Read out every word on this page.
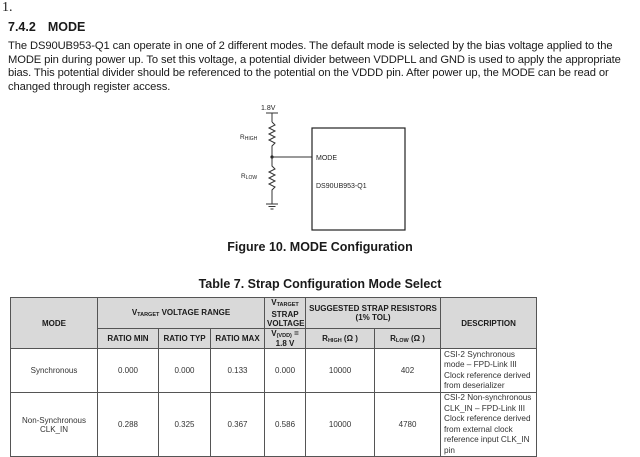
1.
7.4.2 MODE
The DS90UB953-Q1 can operate in one of 2 different modes. The default mode is selected by the bias voltage applied to the MODE pin during power up. To set this voltage, a potential divider between VDDPLL and GND is used to apply the appropriate bias. This potential divider should be referenced to the potential on the VDDD pin. After power up, the MODE can be read or changed through register access.
1.8V
RHIGH
RLOW
MODE
DS90UB953-Q1
Figure 10. MODE Configuration
Table 7. Strap Configuration Mode Select
MODE	$V_{TARGET}$ VOLTAGE RANGE			$V_{TARGET}$ STRAP VOLTAGE	SUGGESTED STRAP RESISTORS (1% TOL)		DESCRIPTION
	RATIO MIN	RATIO TYP	RATIO MAX	$V_{(VDD)} = 1.8$ V	$R_{HIGH}$ (Ω )	$R_{LOW}$ (Ω )	
Synchronous	0.000	0.000	0.133	0.000	10000	402	CSI-2 Synchronous mode – FPD-Link III Clock reference derived from deserializer
Non-Synchronous CLK_IN	0.288	0.325	0.367	0.586	10000	4780	CSI-2 Non-synchronous CLK_IN – FPD-Link III Clock reference derived from external clock reference input CLK_IN pin
